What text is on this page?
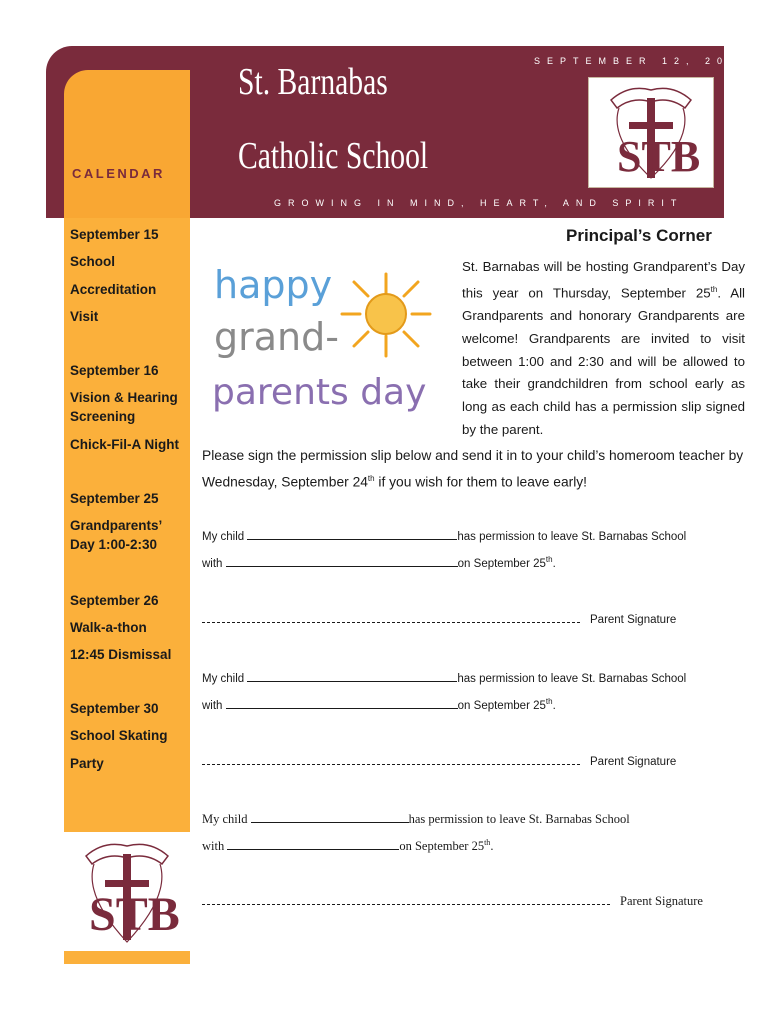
SEPTEMBER 12, 2014
St. Barnabas
Catholic School
GROWING IN MIND, HEART, AND SPIRIT
CALENDAR	STB
September 15
School
Accreditation
Visit
September 16
Vision & Hearing Screening
Chick-Fil-A Night
September 25
Grandparents’ Day 1:00-2:30
September 26
Walk-a-thon
12:45 Dismissal
September 30
School Skating
Party
STB
Principal’s Corner
happy
grand-
parents day
St. Barnabas will be hosting Grandparent’s Day this year on Thursday, September 25th. All Grandparents and honorary Grandparents are welcome! Grandparents are invited to visit between 1:00 and 2:30 and will be allowed to take their grandchildren from school early as long as each child has a permission slip signed by the parent.
Please sign the permission slip below and send it in to your child’s homeroom teacher by Wednesday, September 24th if you wish for them to leave early!
My child	has permission to leave St. Barnabas School
with	on September 25th.
Parent Signature
My child	has permission to leave St. Barnabas School
with	on September 25th.
Parent Signature
My child	has permission to leave St. Barnabas School
with	on September 25th.
Parent Signature
